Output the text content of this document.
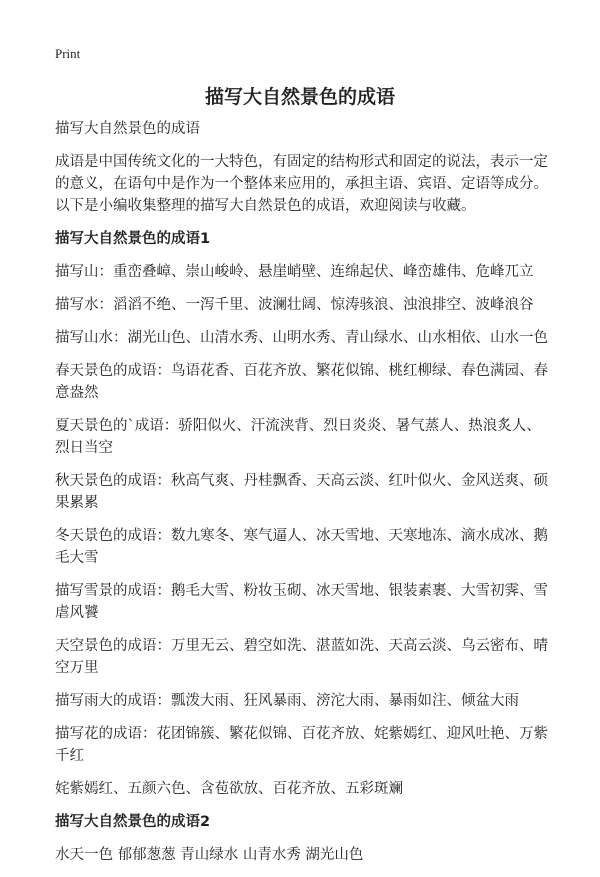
Print
描写大自然景色的成语

描写大自然景色的成语

成语是中国传统文化的一大特色，有固定的结构形式和固定的说法，表示一定的意义，在语句中是作为一个整体来应用的，承担主语、宾语、定语等成分。以下是小编收集整理的描写大自然景色的成语，欢迎阅读与收藏。

描写大自然景色的成语1

描写山：重峦叠嶂、崇山峻岭、悬崖峭壁、连绵起伏、峰峦雄伟、危峰兀立

描写水：滔滔不绝、一泻千里、波澜壮阔、惊涛骇浪、浊浪排空、波峰浪谷

描写山水：湖光山色、山清水秀、山明水秀、青山绿水、山水相依、山水一色

春天景色的成语：鸟语花香、百花齐放、繁花似锦、桃红柳绿、春色满园、春意盎然

夏天景色的`成语：骄阳似火、汗流浃背、烈日炎炎、暑气蒸人、热浪炙人、烈日当空

秋天景色的成语：秋高气爽、丹桂飘香、天高云淡、红叶似火、金风送爽、硕果累累

冬天景色的成语：数九寒冬、寒气逼人、冰天雪地、天寒地冻、滴水成冰、鹅毛大雪

描写雪景的成语：鹅毛大雪、粉妆玉砌、冰天雪地、银装素裹、大雪初霁、雪虐风饕

天空景色的成语：万里无云、碧空如洗、湛蓝如洗、天高云淡、乌云密布、晴空万里

描写雨大的成语：瓢泼大雨、狂风暴雨、滂沱大雨、暴雨如注、倾盆大雨

描写花的成语：花团锦簇、繁花似锦、百花齐放、姹紫嫣红、迎风吐艳、万紫千红

姹紫嫣红、五颜六色、含苞欲放、百花齐放、五彩斑斓

描写大自然景色的成语2

水天一色 郁郁葱葱 青山绿水 山青水秀 湖光山色
